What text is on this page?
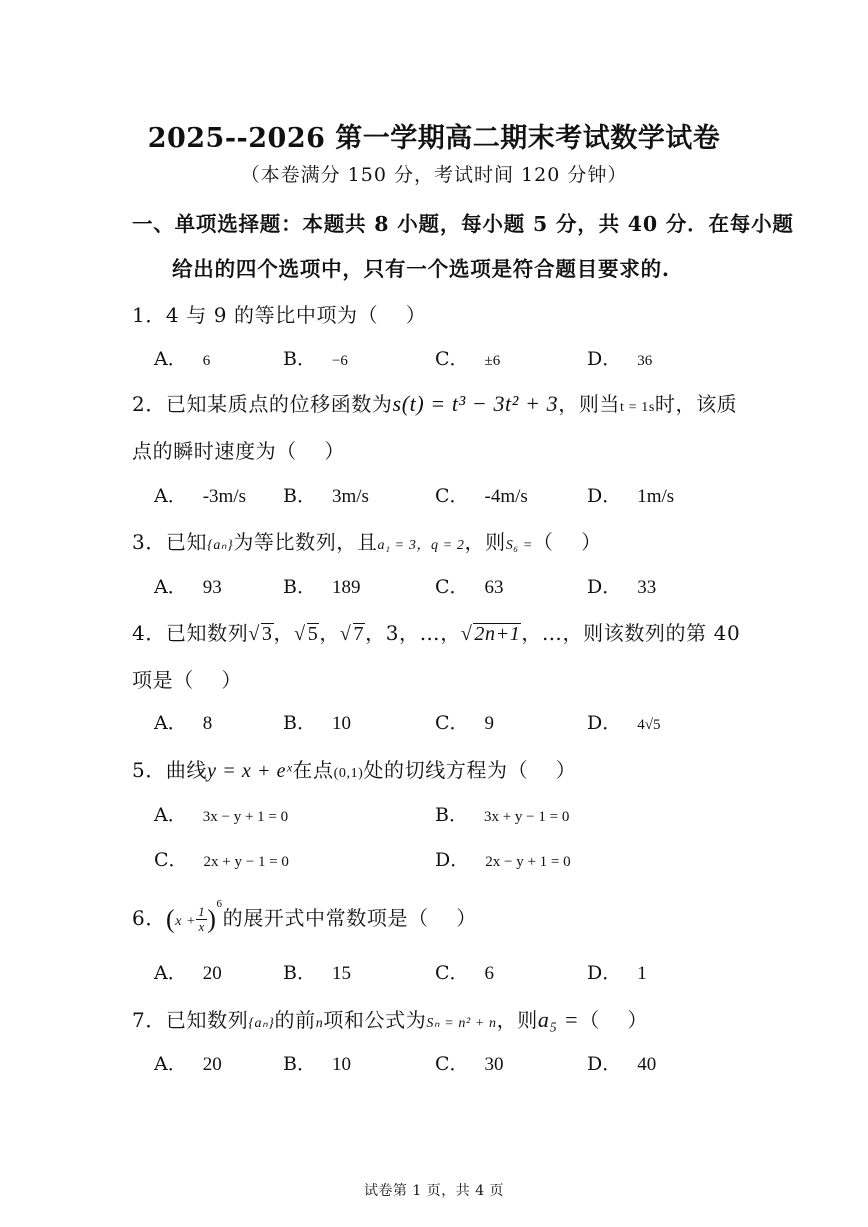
2025--2026 第一学期高二期末考试数学试卷
（本卷满分 150 分，考试时间 120 分钟）
一、单项选择题：本题共 8 小题，每小题 5 分，共 40 分．在每小题
给出的四个选项中，只有一个选项是符合题目要求的.
1．4 与 9 的等比中项为（　 ）
A． 6	B． −6	C． ±6	D． 36
2．已知某质点的位移函数为s(t) = t³ − 3t² + 3，则当t = 1s时，该质
点的瞬时速度为（　 ）
A． -3m/s B． 3m/s	C． -4m/s	D． 1m/s
3．已知{aₙ}为等比数列，且a₁ = 3，q = 2，则S₆ =（　 ）
A． 93	B． 189	C． 63	D． 33
4．已知数列√ 3，√ 5，√ 7，3，…，√ 2n+1，…，则该数列的第 40
项是（　 ）
A． 8	B． 10	C． 9	D． 4√5
5．曲线y = x + eˣ在点(0,1)处的切线方程为（　 ）
A． 3x − y + 1 = 0	B． 3x + y − 1 = 0
C． 2x + y − 1 = 0	D． 2x − y + 1 = 0
6．$(x + \frac{1}{x} )^6$的展开式中常数项是（　 ）
A． 20	B． 15	C． 6	D． 1
7．已知数列{aₙ}的前n项和公式为Sₙ = n² + n，则a₅ =（　 ）
A． 20	B． 10	C． 30	D． 40
试卷第 1 页，共 4 页
